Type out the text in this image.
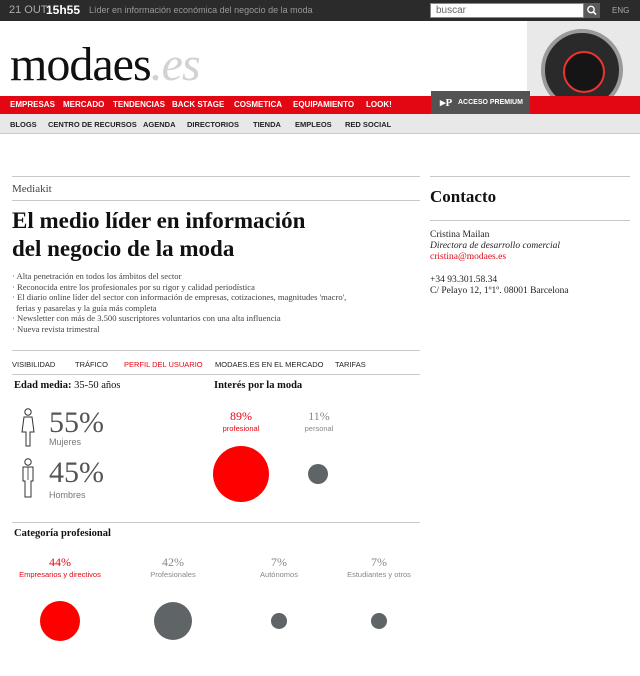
21 OUT
15h55 Líder en información económica del negocio de la moda	buscar	ENG
modaes.es
EMPRESAS MERCADO TENDENCIAS BACK STAGE COSMETICA EQUIPAMIENTO LOOK!	▸P ACCESO PREMIUM
BLOGS CENTRO DE RECURSOS AGENDA DIRECTORIOS TIENDA EMPLEOS RED SOCIAL
Mediakit
El medio líder en información
del negocio de la moda
· Alta penetración en todos los ámbitos del sector
· Reconocida entre los profesionales por su rigor y calidad periodística
· El diario online líder del sector con información de empresas, cotizaciones, magnitudes 'macro',
ferias y pasarelas y la guía más completa
· Newsletter con más de 3.500 suscriptores voluntarios con una alta influencia
· Nueva revista trimestral
VISIBILIDAD	TRÁFICO PERFIL DEL USUARIO MODAES.ES EN EL MERCADO TARIFAS
Edad media: 35-50 años
55%
Mujeres
45%
Hombres
Interés por la moda
89%
profesional
11%
personal
Categoría profesional
44%
Empresarios y directivos
42%
Profesionales
7%
Autónomos
7%
Estudiantes y otros
Contacto
Cristina Mailan
Directora de desarrollo comercial
cristina@modaes.es
+34 93.301.58.34
C/ Pelayo 12, 1º1º. 08001 Barcelona
